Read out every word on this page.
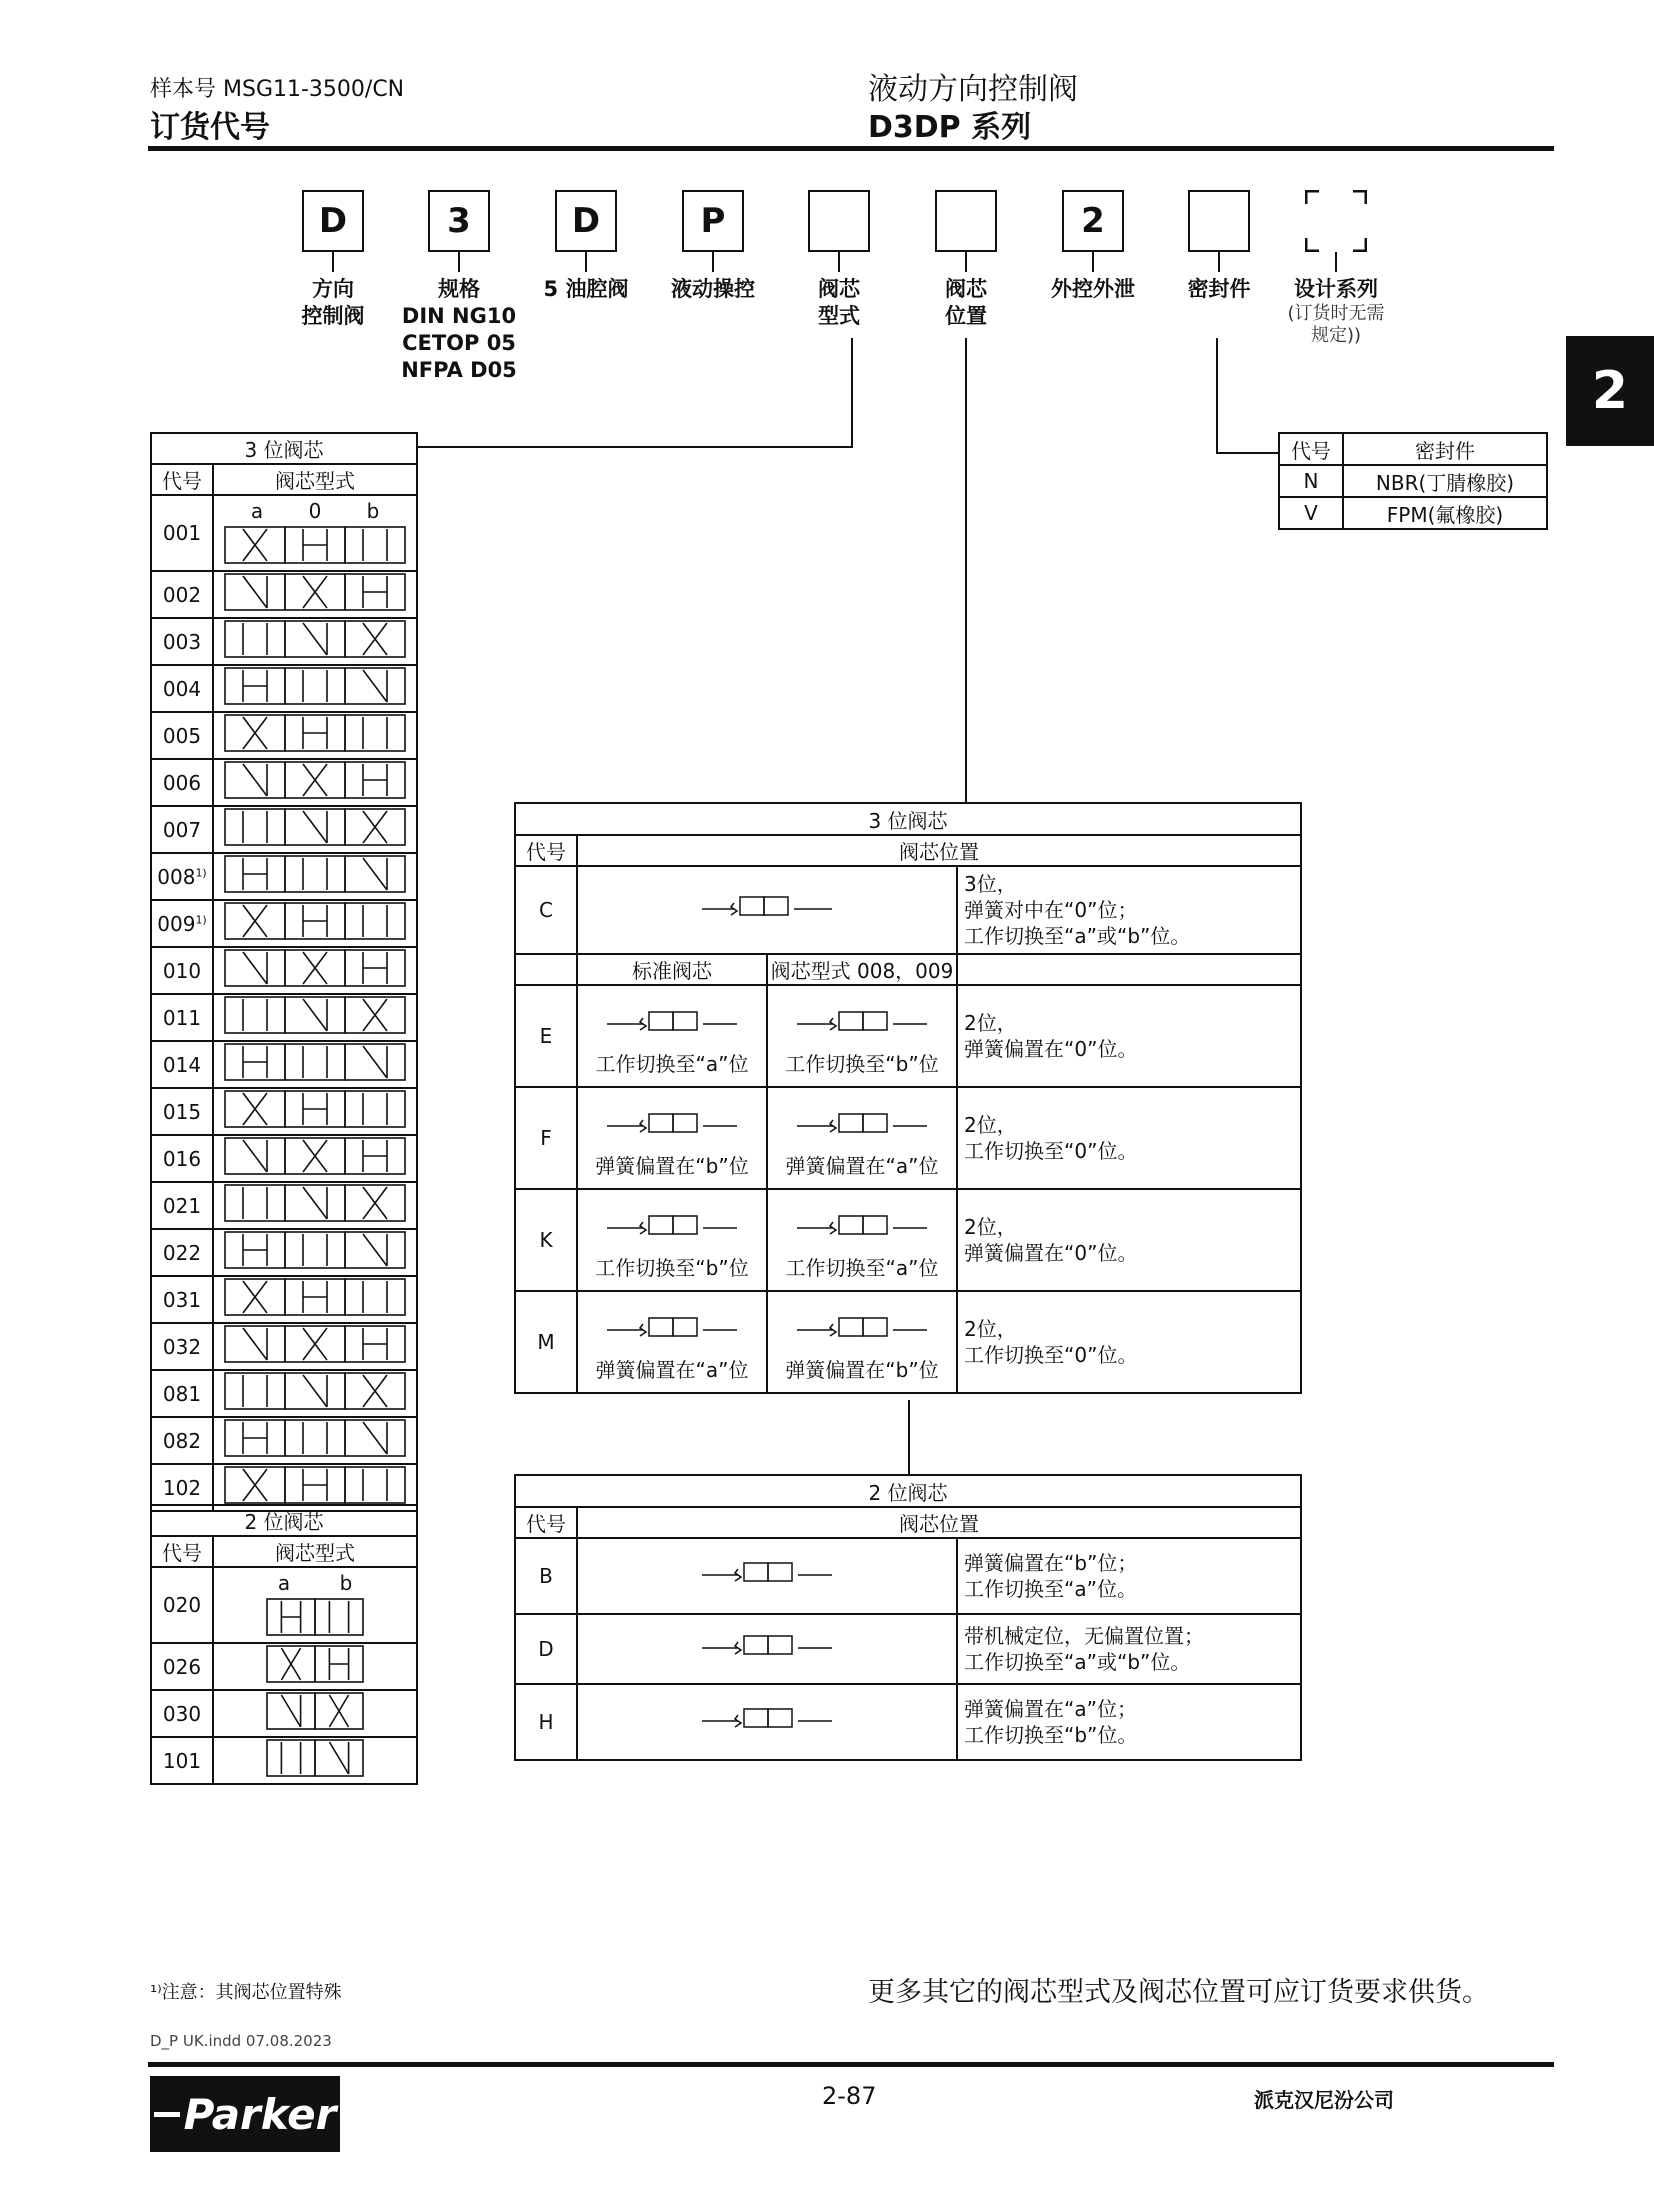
样本号 MSG11-3500/CN
订货代号
液动方向控制阀
D3DP 系列
2
D
方向
控制阀
3
规格
DIN NG10
CETOP 05
NFPA D05
D
5 油腔阀
P
液动操控	阀芯
型式
阀芯
位置
2
外控外泄	密封件	设计系列
(订货时无需
规定))
代号	密封件
N	NBR(丁腈橡胶)
V	FPM(氟橡胶)
3 位阀芯	
代号	阀芯型式
001	a 0 b

002	
003	
004	
005	
006	
007	
008$^{1)}$	
009$^{1)}$	
010	
011	
014	
015	
016	
021	
022	
031	
032	
081	
082	
102	
2 位阀芯	
代号	阀芯型式
020	a b

026	
030	
101	
3 位阀芯			
代号	阀芯位置		
C			3位，
弹簧对中在“0”位；
工作切换至“a”或“b”位。
	标准阀芯	阀芯型式 008，009	
E	工作切换至“a”位	工作切换至“b”位	2位，
弹簧偏置在“0”位。
F	弹簧偏置在“b”位	弹簧偏置在“a”位	2位，
工作切换至“0”位。
K	工作切换至“b”位	工作切换至“a”位	2位，
弹簧偏置在“0”位。
M	弹簧偏置在“a”位	弹簧偏置在“b”位	2位，
工作切换至“0”位。
2 位阀芯		
代号	阀芯位置	
B		弹簧偏置在“b”位；
工作切换至“a”位。
D		带机械定位，无偏置位置；
工作切换至“a”或“b”位。
H		弹簧偏置在“a”位；
工作切换至“b”位。
¹⁾注意：其阀芯位置特殊	更多其它的阀芯型式及阀芯位置可应订货要求供货。
D_P UK.indd 07.08.2023
2-87	派克汉尼汾公司
Parker
